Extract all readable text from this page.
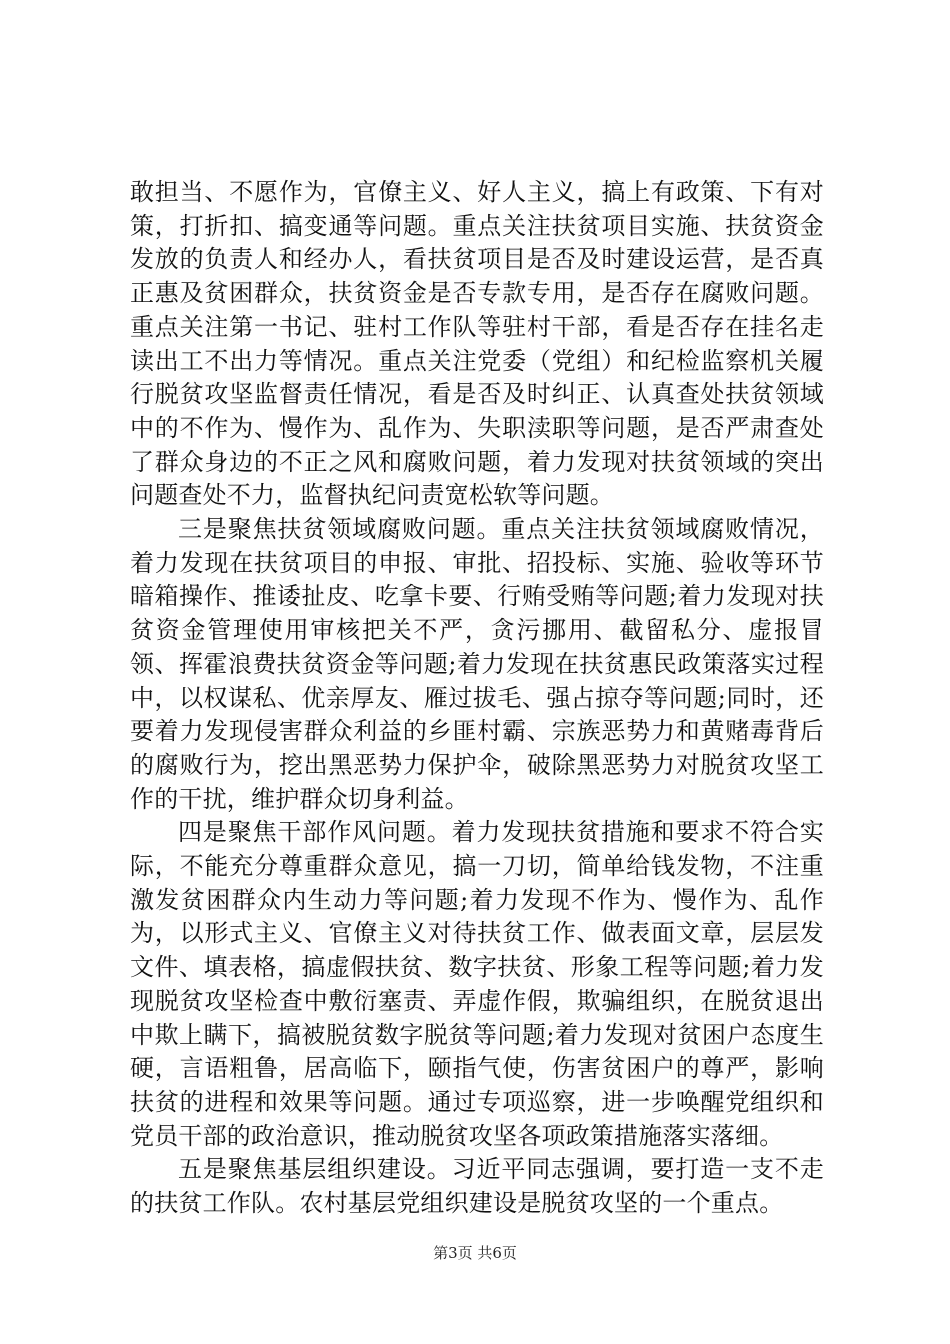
敢担当、不愿作为，官僚主义、好人主义，搞上有政策、下有对策，打折扣、搞变通等问题。重点关注扶贫项目实施、扶贫资金发放的负责人和经办人，看扶贫项目是否及时建设运营，是否真正惠及贫困群众，扶贫资金是否专款专用，是否存在腐败问题。重点关注第一书记、驻村工作队等驻村干部，看是否存在挂名走读出工不出力等情况。重点关注党委（党组）和纪检监察机关履行脱贫攻坚监督责任情况，看是否及时纠正、认真查处扶贫领域中的不作为、慢作为、乱作为、失职渎职等问题，是否严肃查处了群众身边的不正之风和腐败问题，着力发现对扶贫领域的突出问题查处不力，监督执纪问责宽松软等问题。

三是聚焦扶贫领域腐败问题。重点关注扶贫领域腐败情况，着力发现在扶贫项目的申报、审批、招投标、实施、验收等环节暗箱操作、推诿扯皮、吃拿卡要、行贿受贿等问题;着力发现对扶贫资金管理使用审核把关不严，贪污挪用、截留私分、虚报冒领、挥霍浪费扶贫资金等问题;着力发现在扶贫惠民政策落实过程中，以权谋私、优亲厚友、雁过拔毛、强占掠夺等问题;同时，还要着力发现侵害群众利益的乡匪村霸、宗族恶势力和黄赌毒背后的腐败行为，挖出黑恶势力保护伞，破除黑恶势力对脱贫攻坚工作的干扰，维护群众切身利益。

四是聚焦干部作风问题。着力发现扶贫措施和要求不符合实际，不能充分尊重群众意见，搞一刀切，简单给钱发物，不注重激发贫困群众内生动力等问题;着力发现不作为、慢作为、乱作为，以形式主义、官僚主义对待扶贫工作、做表面文章，层层发文件、填表格，搞虚假扶贫、数字扶贫、形象工程等问题;着力发现脱贫攻坚检查中敷衍塞责、弄虚作假，欺骗组织，在脱贫退出中欺上瞒下，搞被脱贫数字脱贫等问题;着力发现对贫困户态度生硬，言语粗鲁，居高临下，颐指气使，伤害贫困户的尊严，影响扶贫的进程和效果等问题。通过专项巡察，进一步唤醒党组织和党员干部的政治意识，推动脱贫攻坚各项政策措施落实落细。

五是聚焦基层组织建设。习近平同志强调，要打造一支不走的扶贫工作队。农村基层党组织建设是脱贫攻坚的一个重点。

第3页 共6页
